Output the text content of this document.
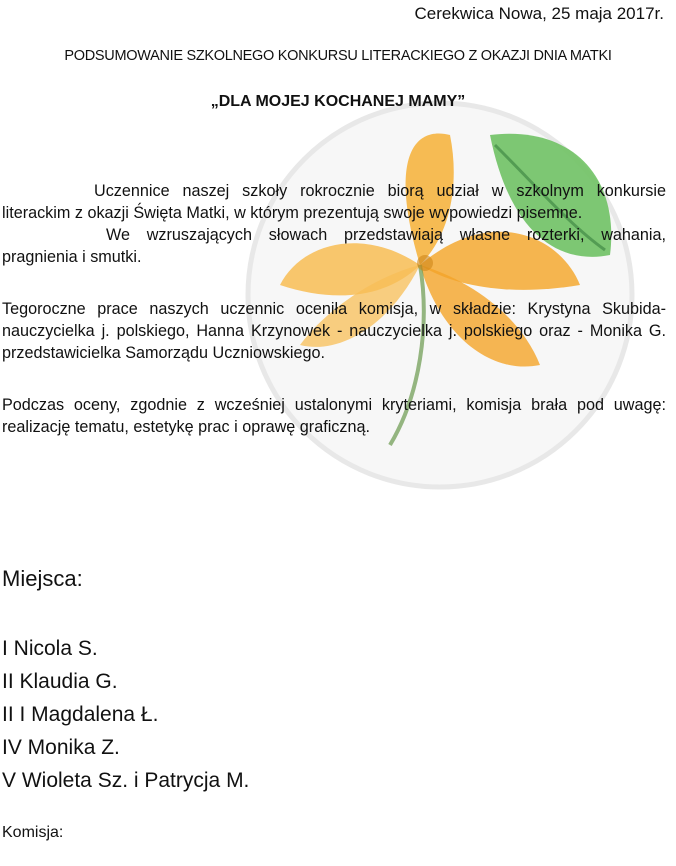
Cerekwica Nowa, 25 maja 2017r.
PODSUMOWANIE SZKOLNEGO KONKURSU LITERACKIEGO Z OKAZJI DNIA MATKI
„DLA MOJEJ KOCHANEJ MAMY”

Uczennice naszej szkoły rokrocznie biorą udział w szkolnym konkursie literackim z okazji Święta Matki, w którym prezentują swoje wypowiedzi pisemne.

We wzruszających słowach przedstawiają własne rozterki, wahania, pragnienia i smutki.

Tegoroczne prace naszych uczennic oceniła komisja, w składzie: Krystyna Skubida-nauczycielka j. polskiego, Hanna Krzynowek - nauczycielka j. polskiego oraz - Monika G. przedstawicielka Samorządu Uczniowskiego.

Podczas oceny, zgodnie z wcześniej ustalonymi kryteriami, komisja brała pod uwagę: realizację tematu, estetykę prac i oprawę graficzną.

Miejsca:
I Nicola S.
II Klaudia G.
II I Magdalena Ł.
IV Monika Z.
V Wioleta Sz. i Patrycja M.
Komisja:
